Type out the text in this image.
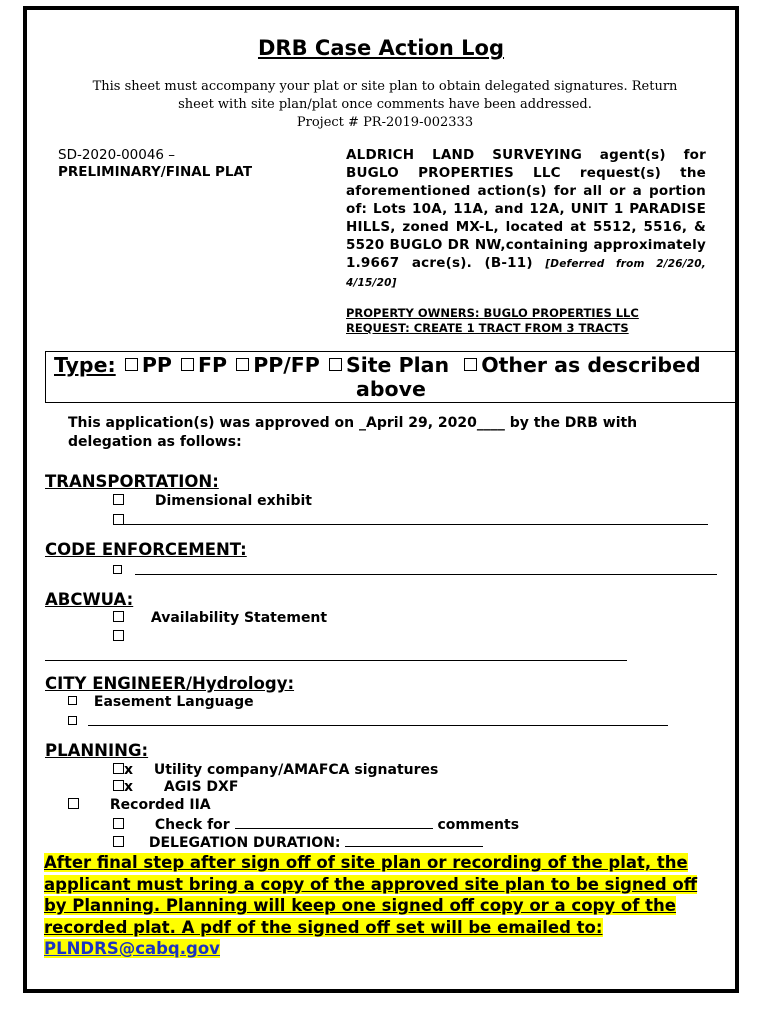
DRB Case Action Log
This sheet must accompany your plat or site plan to obtain delegated signatures. Return
sheet with site plan/plat once comments have been addressed.
Project # PR-2019-002333
SD-2020-00046 –
PRELIMINARY/FINAL PLAT
ALDRICH LAND SURVEYING agent(s) for BUGLO PROPERTIES LLC request(s) the aforementioned action(s) for all or a portion of: Lots 10A, 11A, and 12A, UNIT 1 PARADISE HILLS, zoned MX-L, located at 5512, 5516, & 5520 BUGLO DR NW,containing approximately 1.9667 acre(s). (B-11) [Deferred from 2/26/20, 4/15/20]
PROPERTY OWNERS: BUGLO PROPERTIES LLC
REQUEST: CREATE 1 TRACT FROM 3 TRACTS
Type: PP FP PP/FP Site Plan Other as described
above
This application(s) was approved on _April 29, 2020____ by the DRB with
delegation as follows:
TRANSPORTATION:
Dimensional exhibit
CODE ENFORCEMENT:

ABCWUA:
Availability Statement
CITY ENGINEER/Hydrology:
Easement Language

PLANNING:
x Utility company/AMAFCA signatures
x AGIS DXF
Recorded IIA
Check for	comments
DELEGATION DURATION:
After final step after sign off of site plan or recording of the plat, the applicant must bring a copy of the approved site plan to be signed off by Planning. Planning will keep one signed off copy or a copy of the recorded plat. A pdf of the signed off set will be emailed to: PLNDRS@cabq.gov
